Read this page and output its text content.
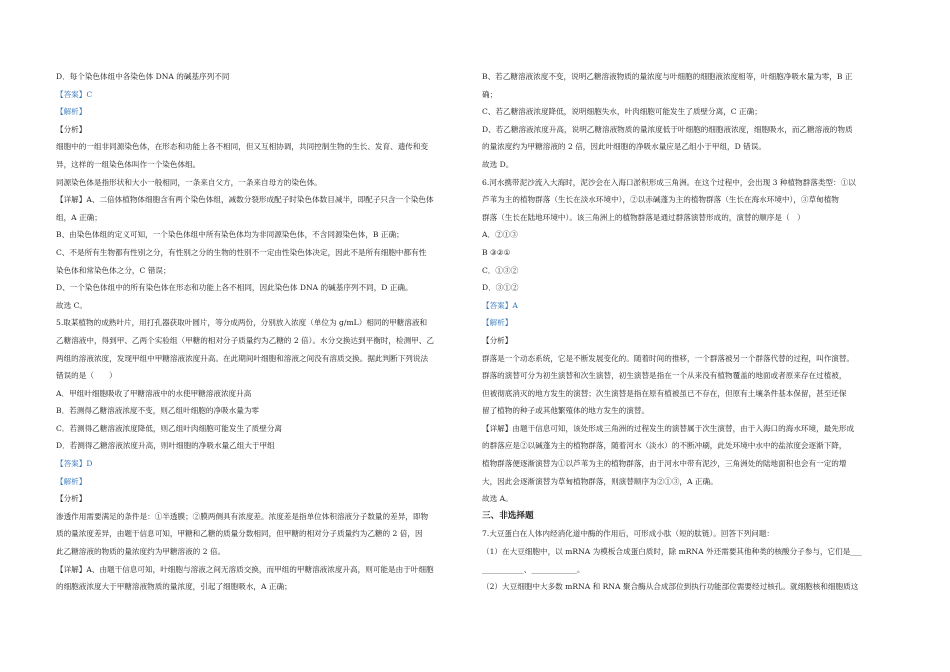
D．每个染色体组中各染色体 DNA 的碱基序列不同
【答案】C
【解析】
【分析】
细胞中的一组非同源染色体，在形态和功能上各不相同，但又互相协调，共同控制生物的生长、发育、遗传和变
异，这样的一组染色体叫作一个染色体组。
同源染色体是指形状和大小一般相同，一条来自父方，一条来自母方的染色体。
【详解】A、二倍体植物体细胞含有两个染色体组，减数分裂形成配子时染色体数目减半，即配子只含一个染色体
组，A 正确；
B、由染色体组的定义可知，一个染色体组中所有染色体均为非同源染色体，不含同源染色体，B 正确；
C、不是所有生物都有性别之分，有性别之分的生物的性别不一定由性染色体决定，因此不是所有细胞中都有性
染色体和常染色体之分，C 错误；
D、一个染色体组中的所有染色体在形态和功能上各不相同，因此染色体 DNA 的碱基序列不同，D 正确。
故选 C。
5.取某植物的成熟叶片，用打孔器获取叶圆片，等分成两份，分别放入浓度（单位为 g/mL）相同的甲糖溶液和
乙糖溶液中，得到甲、乙两个实验组（甲糖的相对分子质量约为乙糖的 2 倍）。水分交换达到平衡时，检测甲、乙
两组的溶液浓度，发现甲组中甲糖溶液浓度升高。在此期间叶细胞和溶液之间没有溶质交换。据此判断下列说法
错误的是（　　）
A．甲组叶细胞吸收了甲糖溶液中的水使甲糖溶液浓度升高
B．若测得乙糖溶液浓度不变，则乙组叶细胞的净吸水量为零
C．若测得乙糖溶液浓度降低，则乙组叶肉细胞可能发生了质壁分离
D．若测得乙糖溶液浓度升高，则叶细胞的净吸水量乙组大于甲组
【答案】D
【解析】
【分析】
渗透作用需要满足的条件是：①半透膜；②膜两侧具有浓度差。浓度差是指单位体积溶液分子数量的差异，即物
质的量浓度差异，由题干信息可知，甲糖和乙糖的质量分数相同，但甲糖的相对分子质量约为乙糖的 2 倍，因
此乙糖溶液的物质的量浓度约为甲糖溶液的 2 倍。
【详解】A、由题干信息可知，叶细胞与溶液之间无溶质交换，而甲组的甲糖溶液浓度升高，则可能是由于叶细胞
的细胞液浓度大于甲糖溶液物质的量浓度，引起了细胞吸水，A 正确；
B、若乙糖溶液浓度不变，说明乙糖溶液物质的量浓度与叶细胞的细胞液浓度相等，叶细胞净吸水量为零，B 正
确；
C、若乙糖溶液浓度降低，说明细胞失水，叶肉细胞可能发生了质壁分离，C 正确；
D、若乙糖溶液浓度升高，说明乙糖溶液物质的量浓度低于叶细胞的细胞液浓度，细胞吸水，而乙糖溶液的物质
的量浓度约为甲糖溶液的 2 倍，因此叶细胞的净吸水量应是乙组小于甲组，D 错误。
故选 D。
6.河水携带泥沙流入大海时，泥沙会在入海口淤积形成三角洲。在这个过程中，会出现 3 种植物群落类型：①以
芦苇为主的植物群落（生长在淡水环境中），②以赤碱蓬为主的植物群落（生长在海水环境中），③草甸植物
群落（生长在陆地环境中）。该三角洲上的植物群落是通过群落演替形成的，演替的顺序是（　）
A．②①③
B ③②①
C．①③②
D．③①②
【答案】A
【解析】
【分析】
群落是一个动态系统，它是不断发展变化的。随着时间的推移，一个群落被另一个群落代替的过程，叫作演替。
群落的演替可分为初生演替和次生演替，初生演替是指在一个从来没有植物覆盖的地面或者原来存在过植被，
但被彻底消灭的地方发生的演替；次生演替是指在原有植被虽已不存在，但原有土壤条件基本保留，甚至还保
留了植物的种子或其他繁殖体的地方发生的演替。
【详解】由题干信息可知，该处形成三角洲的过程发生的演替属于次生演替，由于入海口的海水环境，最先形成
的群落应是②以碱蓬为主的植物群落，随着河水（淡水）的不断冲刷，此处环境中水中的盐浓度会逐渐下降，
植物群落便逐渐演替为①以芦苇为主的植物群落，由于河水中带有泥沙，三角洲处的陆地面积也会有一定的增
大，因此会逐渐演替为草甸植物群落，则演替顺序为②①③，A 正确。
故选 A。
三、非选择题
7.大豆蛋白在人体内经消化道中酶的作用后，可形成小肽（短的肽链）。回答下列问题：
（1）在大豆细胞中，以 mRNA 为模板合成蛋白质时，除 mRNA 外还需要其他种类的核酸分子参与，它们是___
___________、____________。
（2）大豆细胞中大多数 mRNA 和 RNA 聚合酶从合成部位到执行功能部位需要经过核孔。就细胞核和细胞质这
